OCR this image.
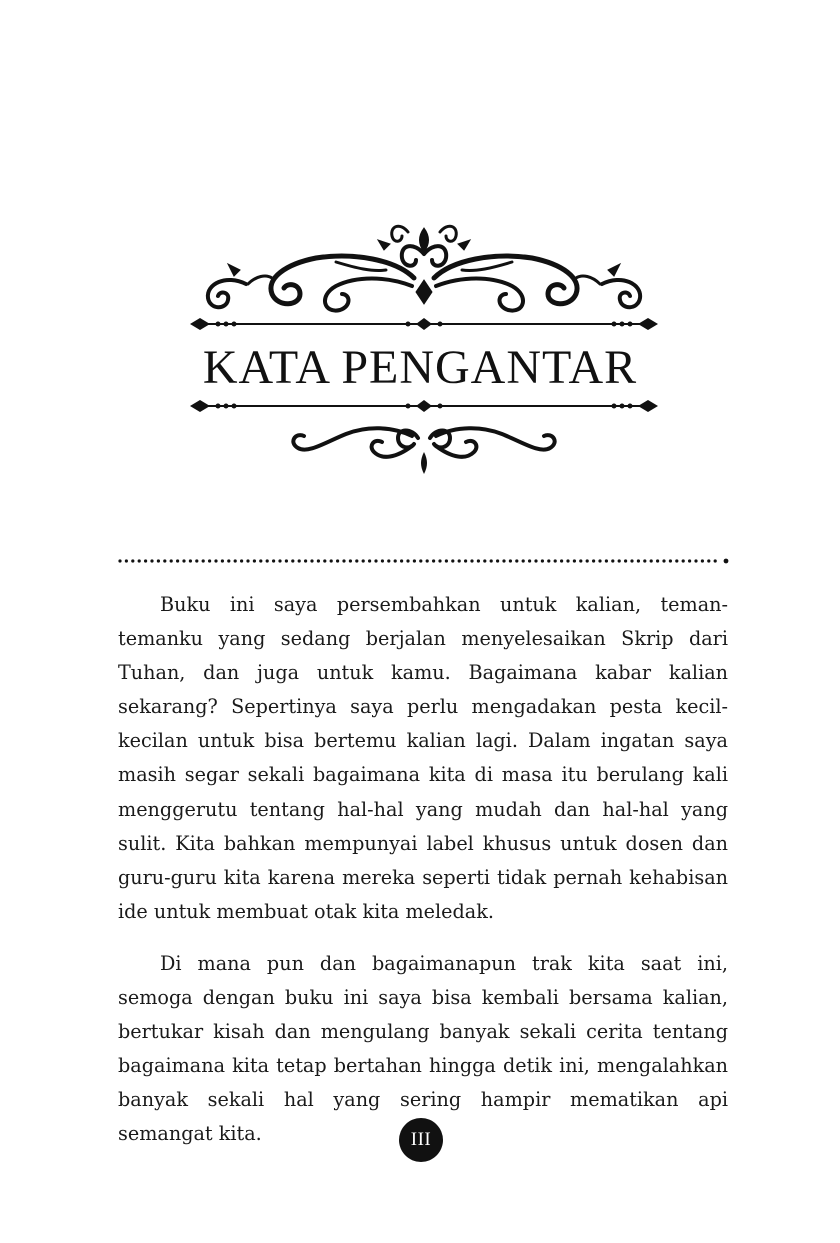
KATA PENGANTAR

Buku ini saya persembahkan untuk kalian, teman-temanku yang sedang berjalan menyelesaikan Skrip dari Tuhan, dan juga untuk kamu. Bagaimana kabar kalian sekarang? Sepertinya saya perlu mengadakan pesta kecil-kecilan untuk bisa bertemu kalian lagi. Dalam ingatan saya masih segar sekali bagaimana kita di masa itu berulang kali menggerutu tentang hal-hal yang mudah dan hal-hal yang sulit. Kita bahkan mempunyai label khusus untuk dosen dan guru-guru kita karena mereka seperti tidak pernah kehabisan ide untuk membuat otak kita meledak.

Di mana pun dan bagaimanapun trak kita saat ini, semoga dengan buku ini saya bisa kembali bersama kalian, bertukar kisah dan mengulang banyak sekali cerita tentang bagaimana kita tetap bertahan hingga detik ini, mengalahkan banyak sekali hal yang sering hampir mematikan api semangat kita.	III
